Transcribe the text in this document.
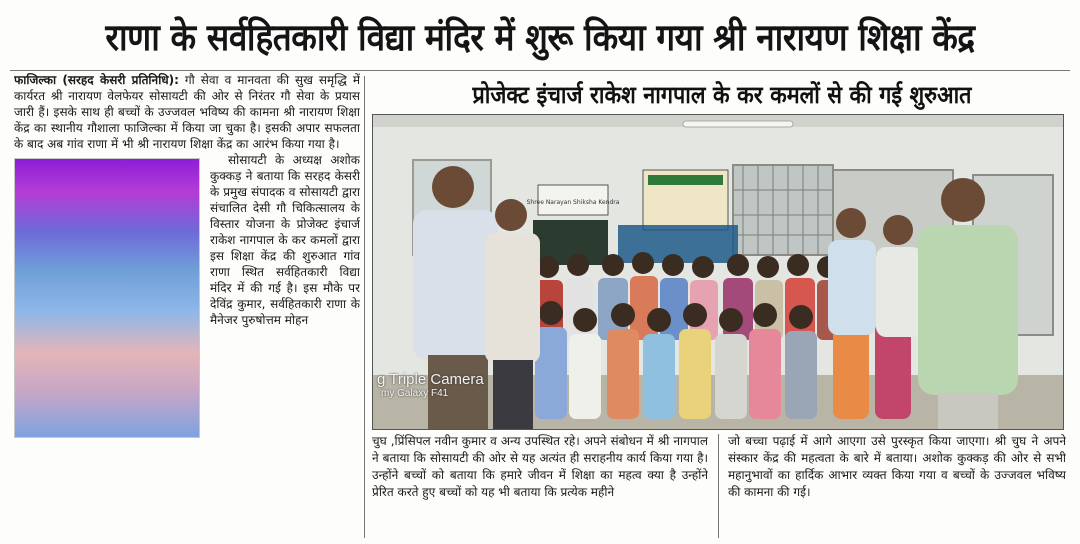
राणा के सर्वहितकारी विद्या मंदिर में शुरू किया गया श्री नारायण शिक्षा केंद्र
प्रोजेक्ट इंचार्ज राकेश नागपाल के कर कमलों से की गई शुरुआत

फाजिल्का (सरहद केसरी प्रतिनिधि): गौ सेवा व मानवता की सुख समृद्धि में कार्यरत श्री नारायण वेलफेयर सोसायटी की ओर से निरंतर गौ सेवा के प्रयास जारी हैं। इसके साथ ही बच्चों के उज्जवल भविष्य की कामना श्री नारायण शिक्षा केंद्र का स्थानीय गौशाला फाजिल्का में किया जा चुका है। इसकी अपार सफलता के बाद अब गांव राणा में भी श्री नारायण शिक्षा केंद्र का आरंभ किया गया है।

सोसायटी के अध्यक्ष अशोक कुक्कड़ ने बताया कि सरहद केसरी के प्रमुख संपादक व सोसायटी द्वारा संचालित देसी गौ चिकित्सालय के विस्तार योजना के प्रोजेक्ट इंचार्ज राकेश नागपाल के कर कमलों द्वारा इस शिक्षा केंद्र की शुरुआत गांव राणा स्थित सर्वहितकारी विद्या मंदिर में की गई है। इस मौके पर देविंद्र कुमार, सर्वहितकारी राणा के मैनेजर पुरुषोत्तम मोहन

Shree Narayan Shiksha Kendra
g Triple Camera
my Galaxy F41

चुघ ,प्रिंसिपल नवीन कुमार व अन्य उपस्थित रहे। अपने संबोधन में श्री नागपाल ने बताया कि सोसायटी की ओर से यह अत्यंत ही सराहनीय कार्य किया गया है। उन्होंने बच्चों को बताया कि हमारे जीवन में शिक्षा का महत्व क्या है उन्होंने प्रेरित करते हुए बच्चों को यह भी बताया कि प्रत्येक महीने

जो बच्चा पढ़ाई में आगे आएगा उसे पुरस्कृत किया जाएगा। श्री चुघ ने अपने संस्कार केंद्र की महत्वता के बारे में बताया। अशोक कुक्कड़ की ओर से सभी महानुभावों का हार्दिक आभार व्यक्त किया गया व बच्चों के उज्जवल भविष्य की कामना की गई।
